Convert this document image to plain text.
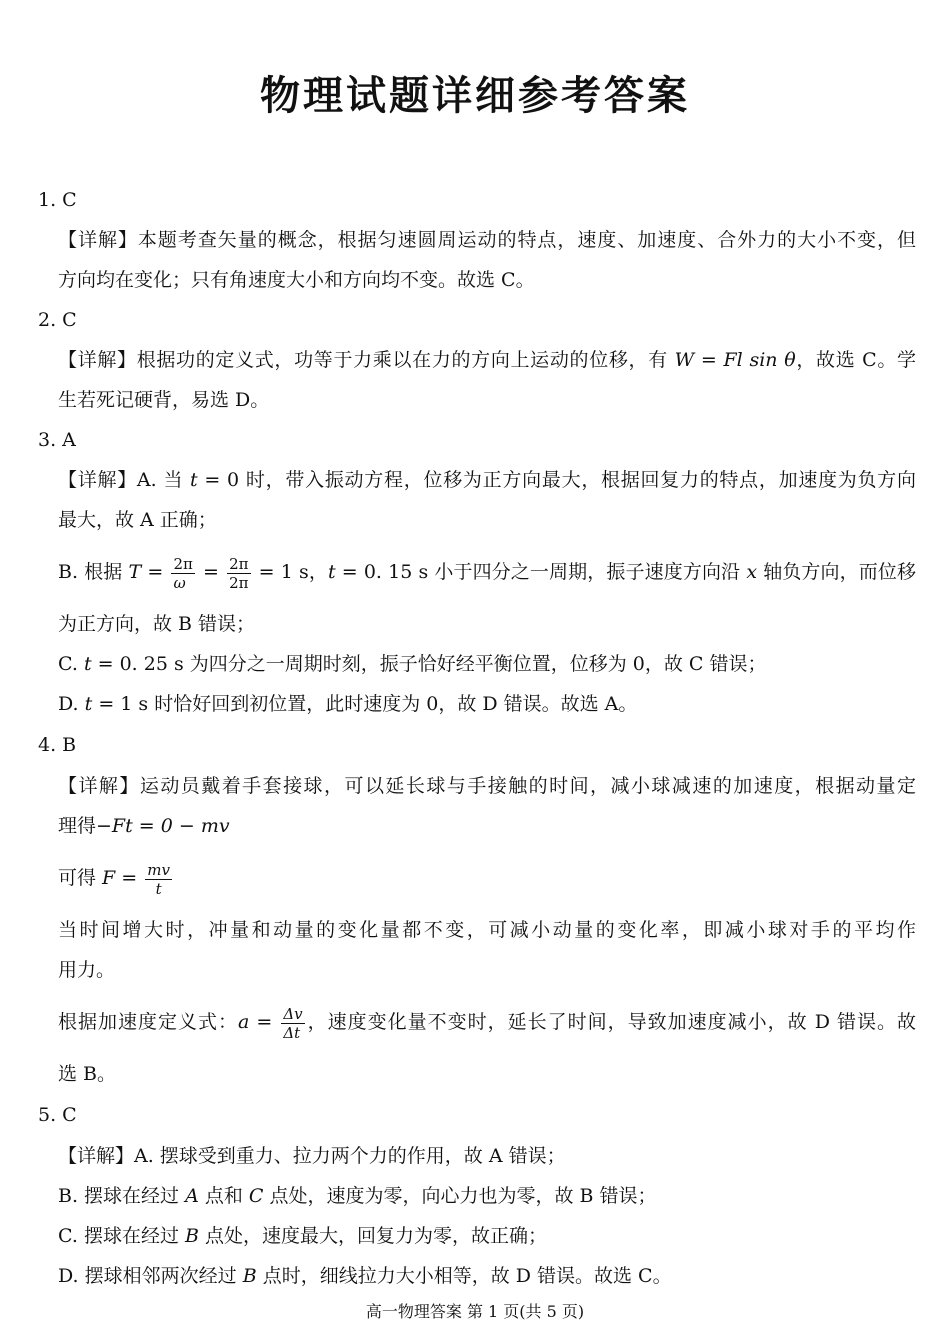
物理试题详细参考答案
1. C
【详解】本题考查矢量的概念，根据匀速圆周运动的特点，速度、加速度、合外力的大小不变，但
方向均在变化；只有角速度大小和方向均不变。故选 C。
2. C
【详解】根据功的定义式，功等于力乘以在力的方向上运动的位移，有 W = Fl sin θ，故选 C。学
生若死记硬背，易选 D。
3. A
【详解】A. 当 t = 0 时，带入振动方程，位移为正方向最大，根据回复力的特点，加速度为负方向
最大，故 A 正确；
B. 根据 $T = \frac{2\pi}{\omega} = \frac{2\pi}{2\pi} = 1$ s，t = 0. 15 s 小于四分之一周期，振子速度方向沿 x 轴负方向，而位移
为正方向，故 B 错误；
C. t = 0. 25 s 为四分之一周期时刻，振子恰好经平衡位置，位移为 0，故 C 错误；
D. t = 1 s 时恰好回到初位置，此时速度为 0，故 D 错误。故选 A。
4. B
【详解】运动员戴着手套接球，可以延长球与手接触的时间，减小球减速的加速度，根据动量定
理得−Ft = 0 − mv
可得 $F = \frac{mv}{t}$
当时间增大时，冲量和动量的变化量都不变，可减小动量的变化率，即减小球对手的平均作
用力。
根据加速度定义式：$a = \frac{\Delta v}{\Delta t}$ ，速度变化量不变时，延长了时间，导致加速度减小，故 D 错误。故
选 B。
5. C
【详解】A. 摆球受到重力、拉力两个力的作用，故 A 错误；
B. 摆球在经过 A 点和 C 点处，速度为零，向心力也为零，故 B 错误；
C. 摆球在经过 B 点处，速度最大，回复力为零，故正确；
D. 摆球相邻两次经过 B 点时，细线拉力大小相等，故 D 错误。故选 C。
高一物理答案 第 1 页(共 5 页)
